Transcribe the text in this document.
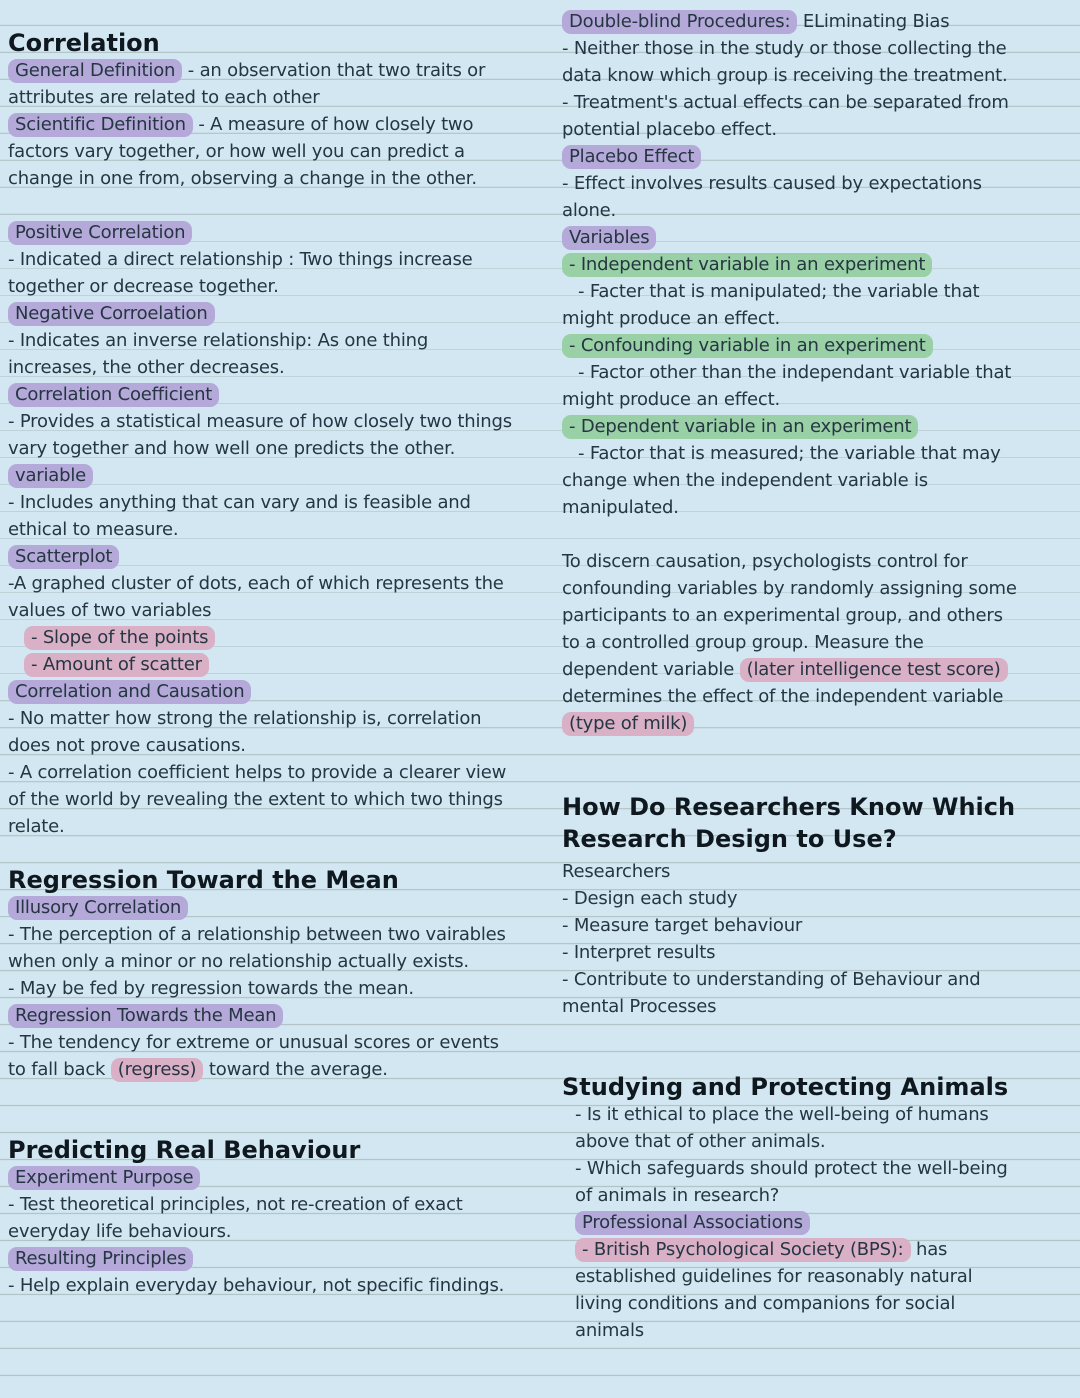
Correlation

General Definition - an observation that two traits or attributes are related to each other

Scientific Definition - A measure of how closely two factors vary together, or how well you can predict a change in one from, observing a change in the other.

Positive Correlation

- Indicated a direct relationship : Two things increase together or decrease together.

Negative Corroelation

- Indicates an inverse relationship: As one thing increases, the other decreases.

Correlation Coefficient

- Provides a statistical measure of how closely two things vary together and how well one predicts the other.

variable

- Includes anything that can vary and is feasible and ethical to measure.

Scatterplot

-A graphed cluster of dots, each of which represents the values of two variables

- Slope of the points

- Amount of scatter

Correlation and Causation

- No matter how strong the relationship is, correlation does not prove causations.

- A correlation coefficient helps to provide a clearer view of the world by revealing the extent to which two things relate.

Regression Toward the Mean

Illusory Correlation

- The perception of a relationship between two vairables when only a minor or no relationship actually exists.

- May be fed by regression towards the mean.

Regression Towards the Mean

- The tendency for extreme or unusual scores or events to fall back (regress) toward the average.

Predicting Real Behaviour

Experiment Purpose

- Test theoretical principles, not re-creation of exact everyday life behaviours.

Resulting Principles

- Help explain everyday behaviour, not specific findings.

Double-blind Procedures: ELiminating Bias

- Neither those in the study or those collecting the data know which group is receiving the treatment.

- Treatment's actual effects can be separated from potential placebo effect.

Placebo Effect

- Effect involves results caused by expectations alone.

Variables

- Independent variable in an experiment

- Facter that is manipulated; the variable that might produce an effect.

- Confounding variable in an experiment

- Factor other than the independant variable that might produce an effect.

- Dependent variable in an experiment

- Factor that is measured; the variable that may change when the independent variable is manipulated.

To discern causation, psychologists control for confounding variables by randomly assigning some participants to an experimental group, and others to a controlled group group. Measure the dependent variable (later intelligence test score) determines the effect of the independent variable (type of milk)

How Do Researchers Know Which Research Design to Use?

Researchers

- Design each study

- Measure target behaviour

- Interpret results

- Contribute to understanding of Behaviour and mental Processes

Studying and Protecting Animals

- Is it ethical to place the well-being of humans above that of other animals.

- Which safeguards should protect the well-being of animals in research?

Professional Associations

- British Psychological Society (BPS): has established guidelines for reasonably natural living conditions and companions for social animals
